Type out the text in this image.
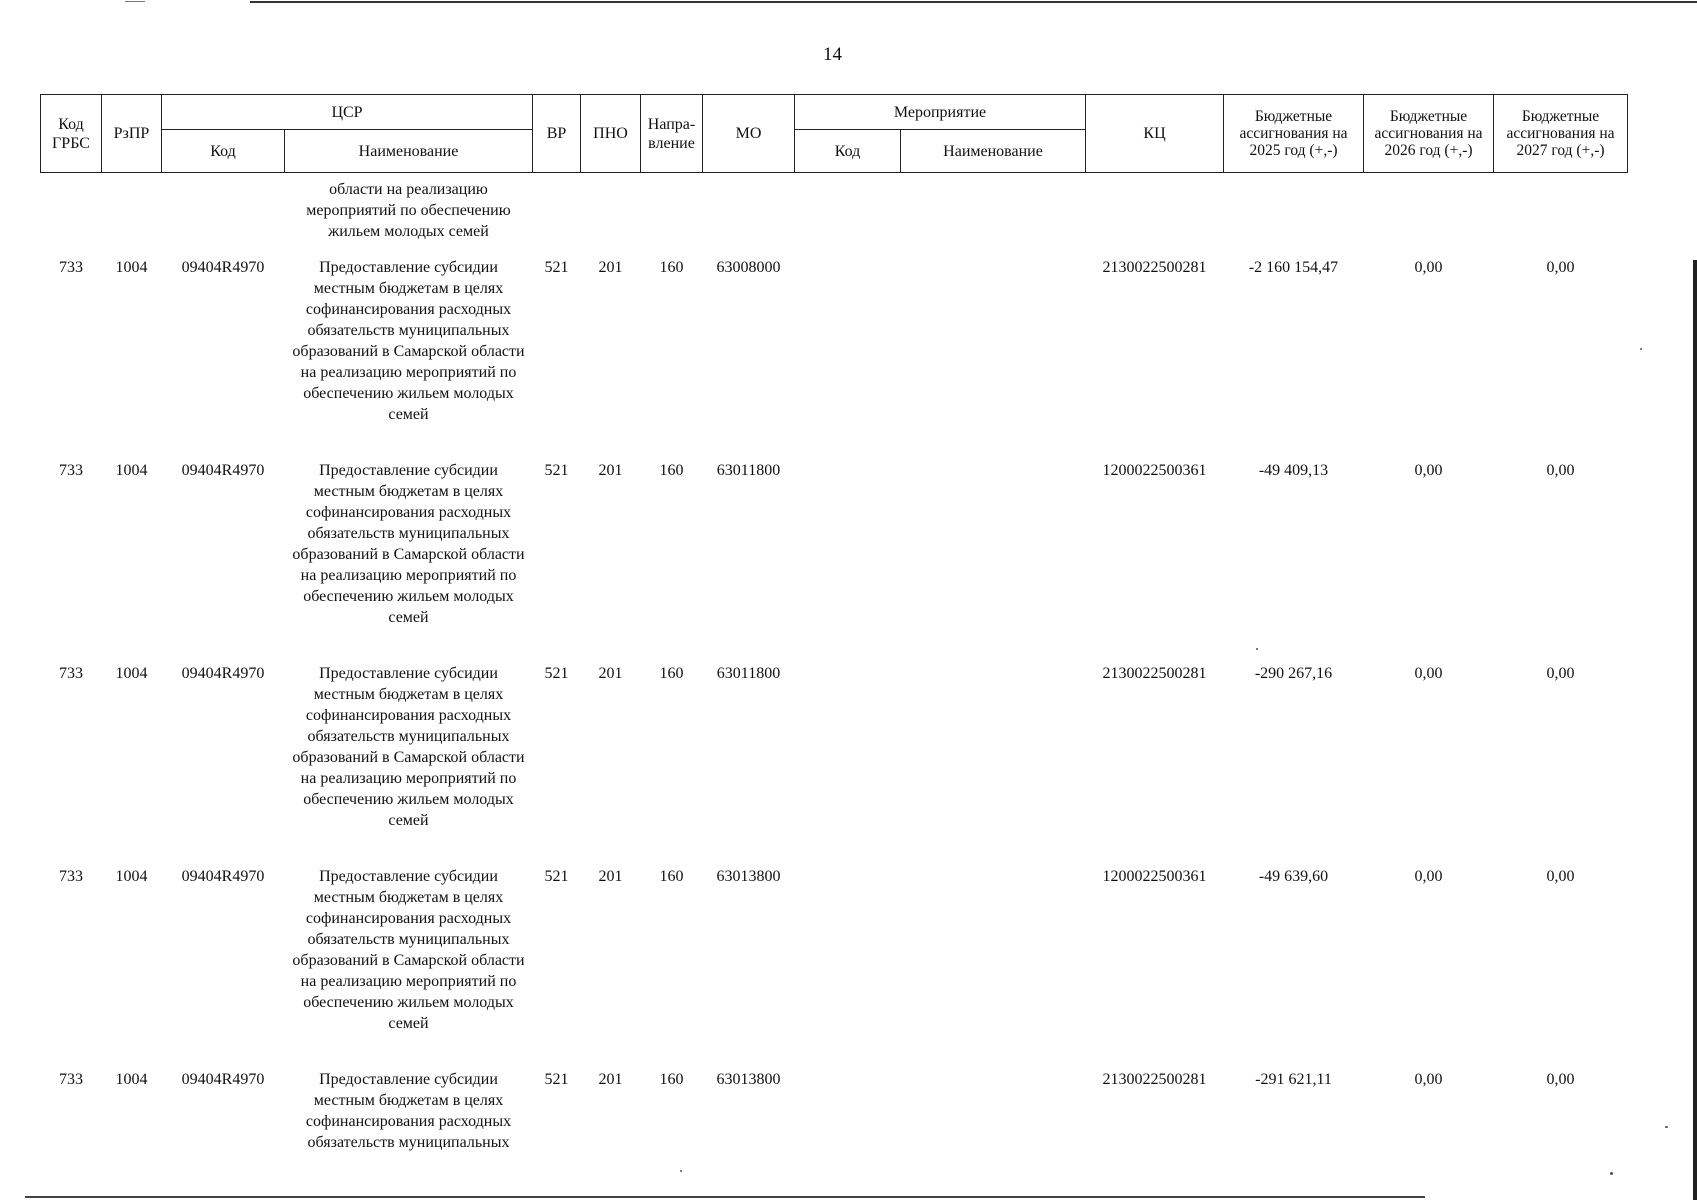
14
Код ГРБС	РзПР	ЦСР		ВР	ПНО	Напра-вление	МО	Мероприятие		КЦ	Бюджетные ассигнования на 2025 год (+,-)	Бюджетные ассигнования на 2026 год (+,-)	Бюджетные ассигнования на 2027 год (+,-)
		Код	Наименование					Код	Наименование				
			области на реализацию мероприятий по обеспечению жильем молодых семей										
733	1004	09404R4970	Предоставление субсидии местным бюджетам в целях софинансирования расходных обязательств муниципальных образований в Самарской области на реализацию мероприятий по обеспечению жильем молодых семей	521	201	160	63008000			2130022500281	-2 160 154,47	0,00	0,00
733	1004	09404R4970	Предоставление субсидии местным бюджетам в целях софинансирования расходных обязательств муниципальных образований в Самарской области на реализацию мероприятий по обеспечению жильем молодых семей	521	201	160	63011800			1200022500361	-49 409,13	0,00	0,00
733	1004	09404R4970	Предоставление субсидии местным бюджетам в целях софинансирования расходных обязательств муниципальных образований в Самарской области на реализацию мероприятий по обеспечению жильем молодых семей	521	201	160	63011800			2130022500281	-290 267,16	0,00	0,00
733	1004	09404R4970	Предоставление субсидии местным бюджетам в целях софинансирования расходных обязательств муниципальных образований в Самарской области на реализацию мероприятий по обеспечению жильем молодых семей	521	201	160	63013800			1200022500361	-49 639,60	0,00	0,00
733	1004	09404R4970	Предоставление субсидии местным бюджетам в целях софинансирования расходных обязательств муниципальных	521	201	160	63013800			2130022500281	-291 621,11	0,00	0,00
